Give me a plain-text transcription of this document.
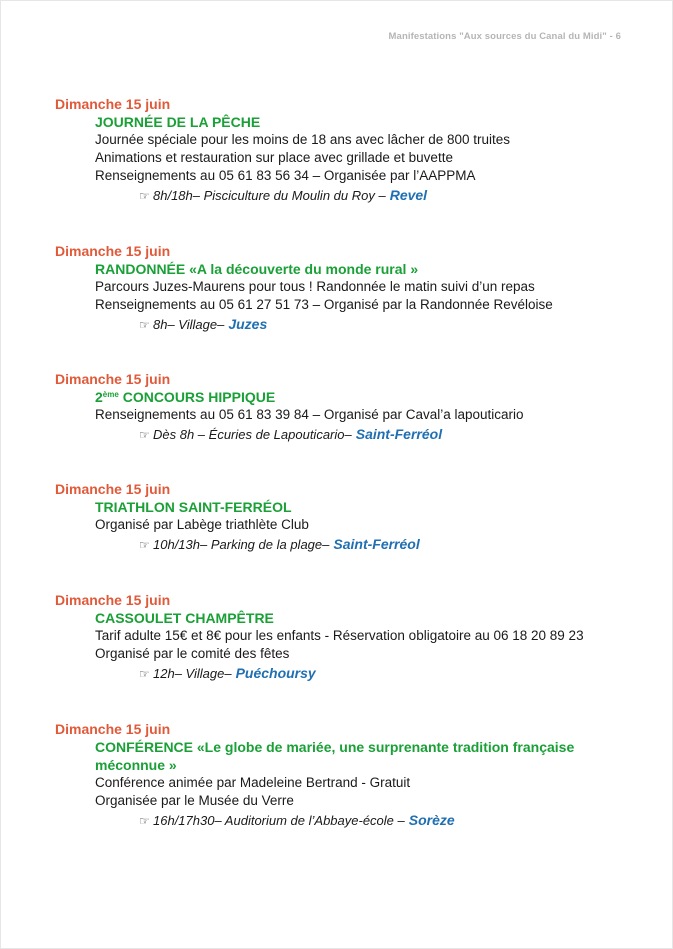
Manifestations "Aux sources du Canal du Midi" - 6
Dimanche 15 juin
JOURNÉE DE LA PÊCHE
Journée spéciale pour les moins de 18 ans avec lâcher de 800 truites
Animations et restauration sur place avec grillade et buvette
Renseignements au 05 61 83 56 34 – Organisée par l’AAPPMA
☞ 8h/18h– Pisciculture du Moulin du Roy – Revel
Dimanche 15 juin
RANDONNÉE «A la découverte du monde rural »
Parcours Juzes-Maurens pour tous ! Randonnée le matin suivi d’un repas
Renseignements au 05 61 27 51 73 – Organisé par la Randonnée Revéloise
☞ 8h– Village– Juzes
Dimanche 15 juin
2ème CONCOURS HIPPIQUE
Renseignements au 05 61 83 39 84 – Organisé par Caval’a lapouticario
☞ Dès 8h – Écuries de Lapouticario– Saint-Ferréol
Dimanche 15 juin
TRIATHLON SAINT-FERRÉOL
Organisé par Labège triathlète Club
☞ 10h/13h– Parking de la plage– Saint-Ferréol
Dimanche 15 juin
CASSOULET CHAMPÊTRE
Tarif adulte 15€ et 8€ pour les enfants - Réservation obligatoire au 06 18 20 89 23
Organisé par le comité des fêtes
☞ 12h– Village– Puéchoursy
Dimanche 15 juin
CONFÉRENCE «Le globe de mariée, une surprenante tradition française
méconnue »
Conférence animée par Madeleine Bertrand - Gratuit
Organisée par le Musée du Verre
☞ 16h/17h30– Auditorium de l’Abbaye-école – Sorèze
